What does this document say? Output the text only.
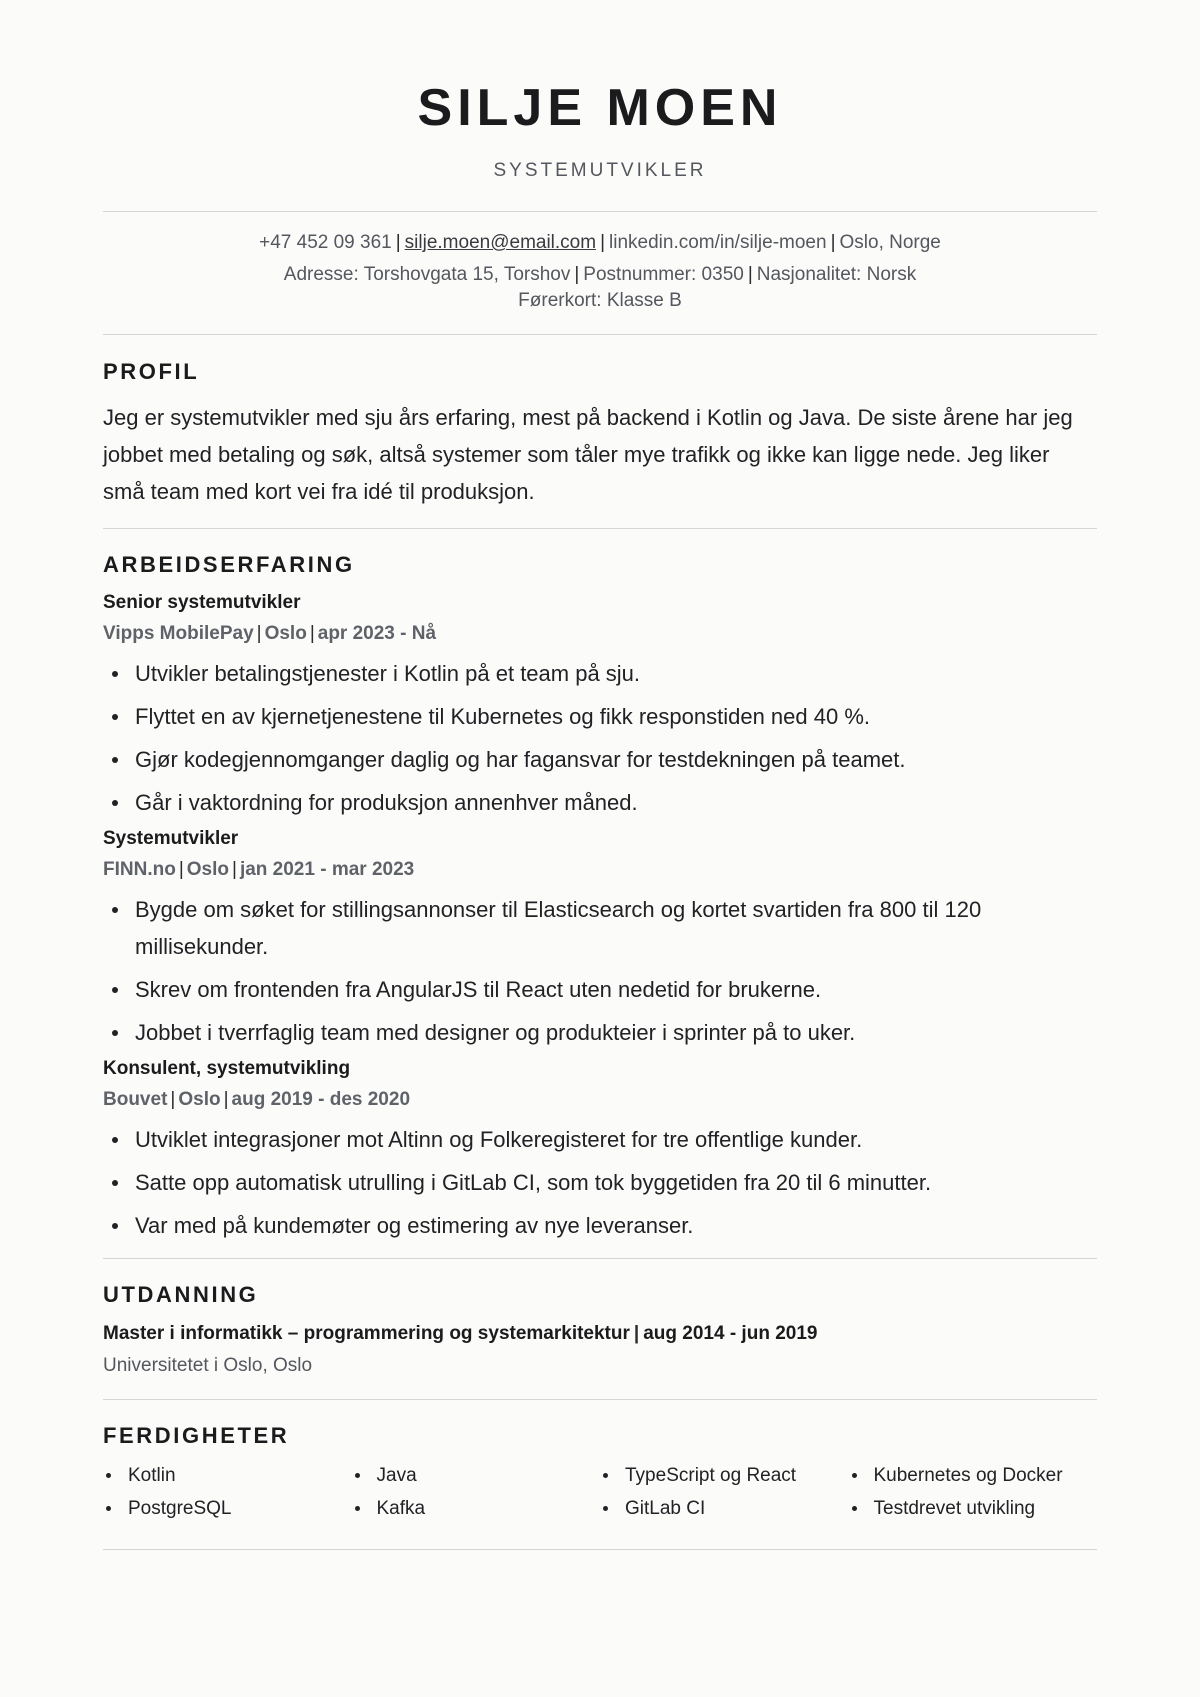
SILJE MOEN
SYSTEMUTVIKLER
+47 452 09 361 | silje.moen@email.com | linkedin.com/in/silje-moen | Oslo, Norge
Adresse: Torshovgata 15, Torshov | Postnummer: 0350 | Nasjonalitet: Norsk
Førerkort: Klasse B
PROFIL
Jeg er systemutvikler med sju års erfaring, mest på backend i Kotlin og Java. De siste årene har jeg jobbet med betaling og søk, altså systemer som tåler mye trafikk og ikke kan ligge nede. Jeg liker små team med kort vei fra idé til produksjon.
ARBEIDSERFARING
Senior systemutvikler
Vipps MobilePay | Oslo | apr 2023 - Nå
Utvikler betalingstjenester i Kotlin på et team på sju.
Flyttet en av kjernetjenestene til Kubernetes og fikk responstiden ned 40 %.
Gjør kodegjennomganger daglig og har fagansvar for testdekningen på teamet.
Går i vaktordning for produksjon annenhver måned.
Systemutvikler
FINN.no | Oslo | jan 2021 - mar 2023
Bygde om søket for stillingsannonser til Elasticsearch og kortet svartiden fra 800 til 120 millisekunder.
Skrev om frontenden fra AngularJS til React uten nedetid for brukerne.
Jobbet i tverrfaglig team med designer og produkteier i sprinter på to uker.
Konsulent, systemutvikling
Bouvet | Oslo | aug 2019 - des 2020
Utviklet integrasjoner mot Altinn og Folkeregisteret for tre offentlige kunder.
Satte opp automatisk utrulling i GitLab CI, som tok byggetiden fra 20 til 6 minutter.
Var med på kundemøter og estimering av nye leveranser.
UTDANNING
Master i informatikk – programmering og systemarkitektur | aug 2014 - jun 2019
Universitetet i Oslo, Oslo
FERDIGHETER
Kotlin
PostgreSQL
Java
Kafka
TypeScript og React
GitLab CI
Kubernetes og Docker
Testdrevet utvikling
